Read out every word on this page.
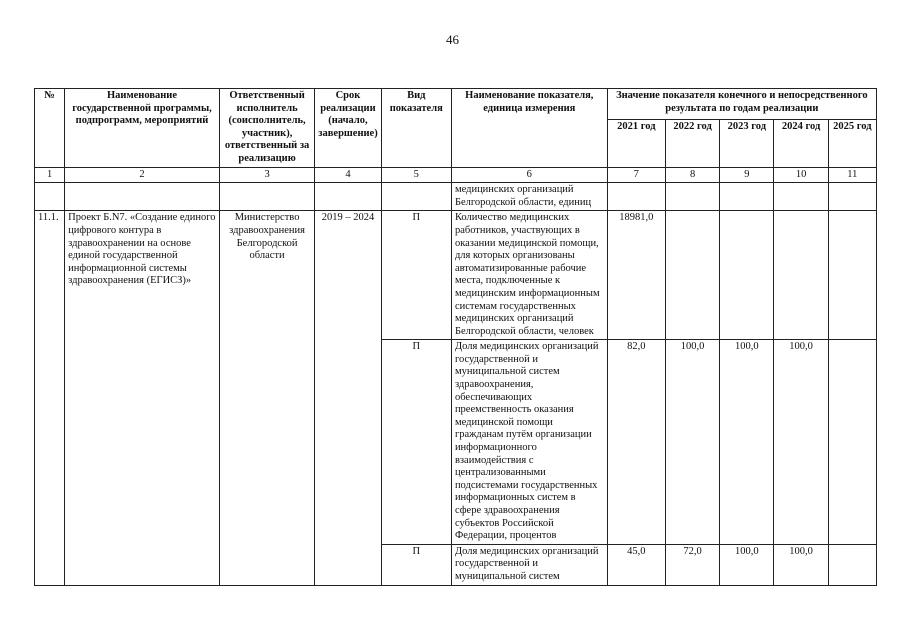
46
№	Наименование государственной программы, подпрограмм, мероприятий	Ответственный исполнитель (соисполнитель, участник), ответственный за реализацию	Срок реализации (начало, завершение)	Вид показателя	Наименование показателя, единица измерения	Значение показателя конечного и непосредственного результата по годам реализации				
						2021 год	2022 год	2023 год	2024 год	2025 год
1	2	3	4	5	6	7	8	9	10	11
					медицинских организаций Белгородской области, единиц					
11.1.	Проект Б.N7. «Создание единого цифрового контура в здравоохранении на основе единой государственной информационной системы здравоохранения (ЕГИСЗ)»	Министерство здравоохранения Белгородской области	2019 – 2024	П	Количество медицинских работников, участвующих в оказании медицинской помощи, для которых организованы автоматизированные рабочие места, подключенные к медицинским информационным системам государственных медицинских организаций Белгородской области, человек	18981,0				
				П	Доля медицинских организаций государственной и муниципальной систем здравоохранения, обеспечивающих преемственность оказания медицинской помощи гражданам путём организации информационного взаимодействия с централизованными подсистемами государственных информационных систем в сфере здравоохранения субъектов Российской Федерации, процентов	82,0	100,0	100,0	100,0	
				П	Доля медицинских организаций государственной и муниципальной систем	45,0	72,0	100,0	100,0	
